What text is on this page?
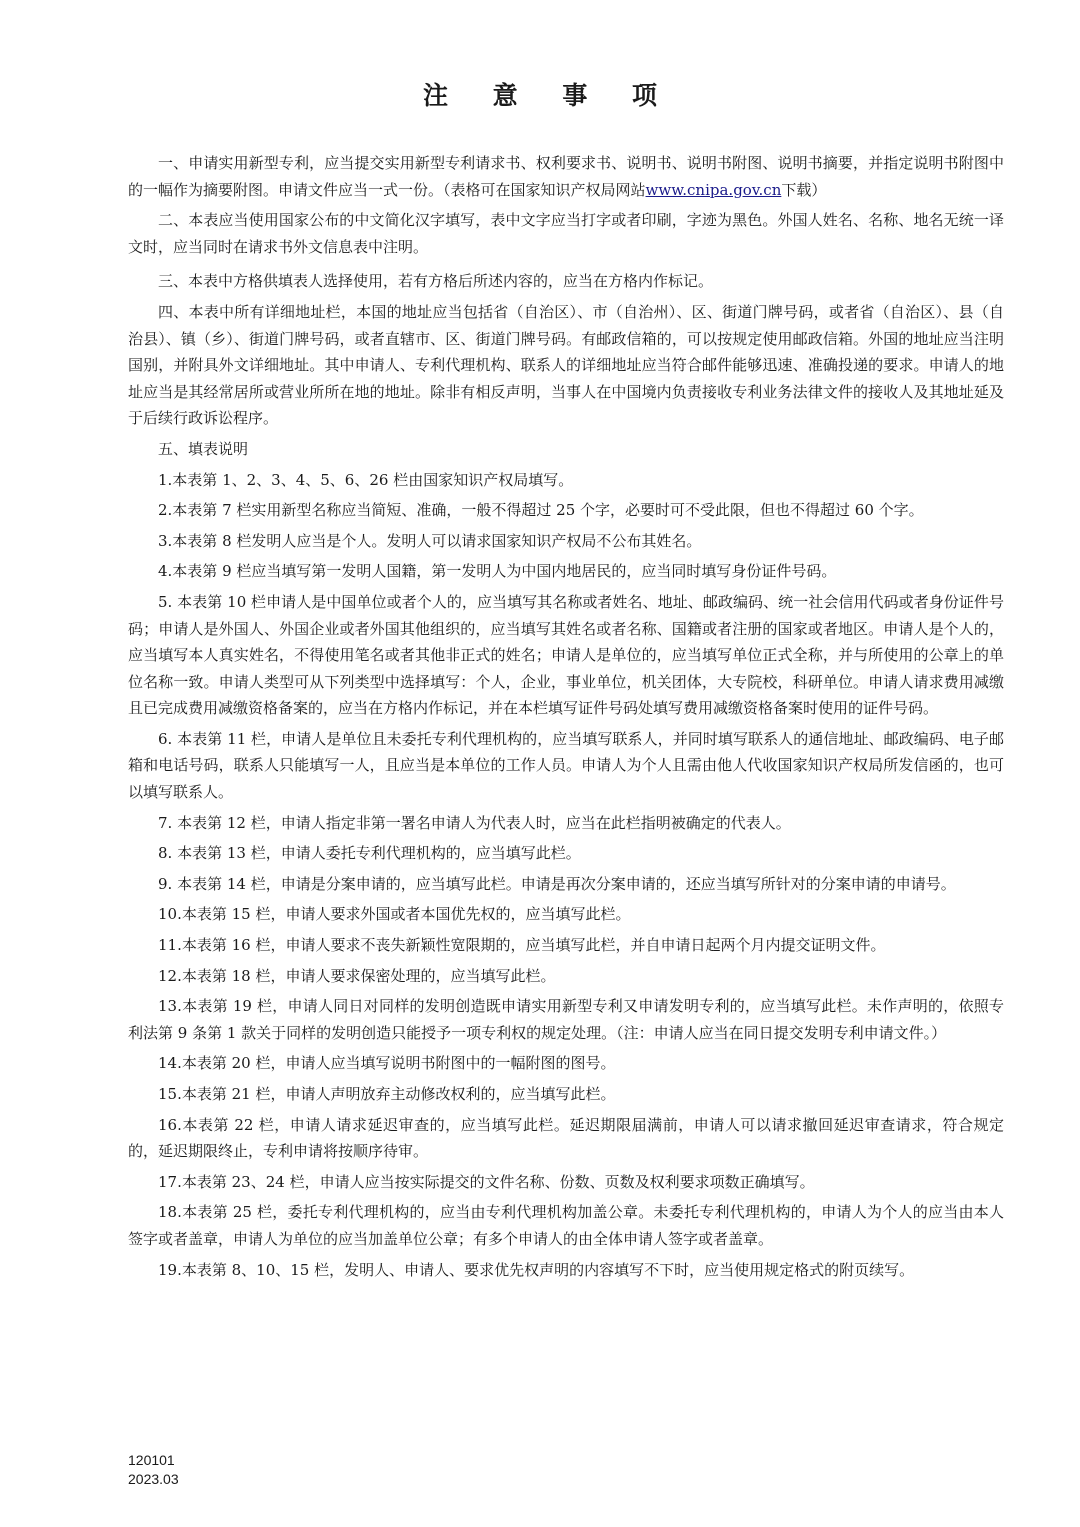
注 意 事 项

一、申请实用新型专利，应当提交实用新型专利请求书、权利要求书、说明书、说明书附图、说明书摘要，并指定说明书附图中的一幅作为摘要附图。申请文件应当一式一份。（表格可在国家知识产权局网站www.cnipa.gov.cn下载）

二、本表应当使用国家公布的中文简化汉字填写，表中文字应当打字或者印刷，字迹为黑色。外国人姓名、名称、地名无统一译文时，应当同时在请求书外文信息表中注明。

三、本表中方格供填表人选择使用，若有方格后所述内容的，应当在方格内作标记。

四、本表中所有详细地址栏，本国的地址应当包括省（自治区）、市（自治州）、区、街道门牌号码，或者省（自治区）、县（自治县）、镇（乡）、街道门牌号码，或者直辖市、区、街道门牌号码。有邮政信箱的，可以按规定使用邮政信箱。外国的地址应当注明国别，并附具外文详细地址。其中申请人、专利代理机构、联系人的详细地址应当符合邮件能够迅速、准确投递的要求。申请人的地址应当是其经常居所或营业所所在地的地址。除非有相反声明，当事人在中国境内负责接收专利业务法律文件的接收人及其地址延及于后续行政诉讼程序。

五、填表说明

1.本表第 1、2、3、4、5、6、26 栏由国家知识产权局填写。

2.本表第 7 栏实用新型名称应当简短、准确，一般不得超过 25 个字，必要时可不受此限，但也不得超过 60 个字。

3.本表第 8 栏发明人应当是个人。发明人可以请求国家知识产权局不公布其姓名。

4.本表第 9 栏应当填写第一发明人国籍，第一发明人为中国内地居民的，应当同时填写身份证件号码。

5. 本表第 10 栏申请人是中国单位或者个人的，应当填写其名称或者姓名、地址、邮政编码、统一社会信用代码或者身份证件号码；申请人是外国人、外国企业或者外国其他组织的，应当填写其姓名或者名称、国籍或者注册的国家或者地区。申请人是个人的，应当填写本人真实姓名，不得使用笔名或者其他非正式的姓名；申请人是单位的，应当填写单位正式全称，并与所使用的公章上的单位名称一致。申请人类型可从下列类型中选择填写：个人，企业，事业单位，机关团体，大专院校，科研单位。申请人请求费用减缴且已完成费用减缴资格备案的，应当在方格内作标记，并在本栏填写证件号码处填写费用减缴资格备案时使用的证件号码。

6. 本表第 11 栏，申请人是单位且未委托专利代理机构的，应当填写联系人，并同时填写联系人的通信地址、邮政编码、电子邮箱和电话号码，联系人只能填写一人，且应当是本单位的工作人员。申请人为个人且需由他人代收国家知识产权局所发信函的，也可以填写联系人。

7. 本表第 12 栏，申请人指定非第一署名申请人为代表人时，应当在此栏指明被确定的代表人。

8. 本表第 13 栏，申请人委托专利代理机构的，应当填写此栏。

9. 本表第 14 栏，申请是分案申请的，应当填写此栏。申请是再次分案申请的，还应当填写所针对的分案申请的申请号。

10.本表第 15 栏，申请人要求外国或者本国优先权的，应当填写此栏。

11.本表第 16 栏，申请人要求不丧失新颖性宽限期的，应当填写此栏，并自申请日起两个月内提交证明文件。

12.本表第 18 栏，申请人要求保密处理的，应当填写此栏。

13.本表第 19 栏，申请人同日对同样的发明创造既申请实用新型专利又申请发明专利的，应当填写此栏。未作声明的，依照专利法第 9 条第 1 款关于同样的发明创造只能授予一项专利权的规定处理。（注：申请人应当在同日提交发明专利申请文件。）

14.本表第 20 栏，申请人应当填写说明书附图中的一幅附图的图号。

15.本表第 21 栏，申请人声明放弃主动修改权利的，应当填写此栏。

16.本表第 22 栏，申请人请求延迟审查的，应当填写此栏。延迟期限届满前，申请人可以请求撤回延迟审查请求，符合规定的，延迟期限终止，专利申请将按顺序待审。

17.本表第 23、24 栏，申请人应当按实际提交的文件名称、份数、页数及权利要求项数正确填写。

18.本表第 25 栏，委托专利代理机构的，应当由专利代理机构加盖公章。未委托专利代理机构的，申请人为个人的应当由本人签字或者盖章，申请人为单位的应当加盖单位公章；有多个申请人的由全体申请人签字或者盖章。

19.本表第 8、10、15 栏，发明人、申请人、要求优先权声明的内容填写不下时，应当使用规定格式的附页续写。

120101
2023.03
